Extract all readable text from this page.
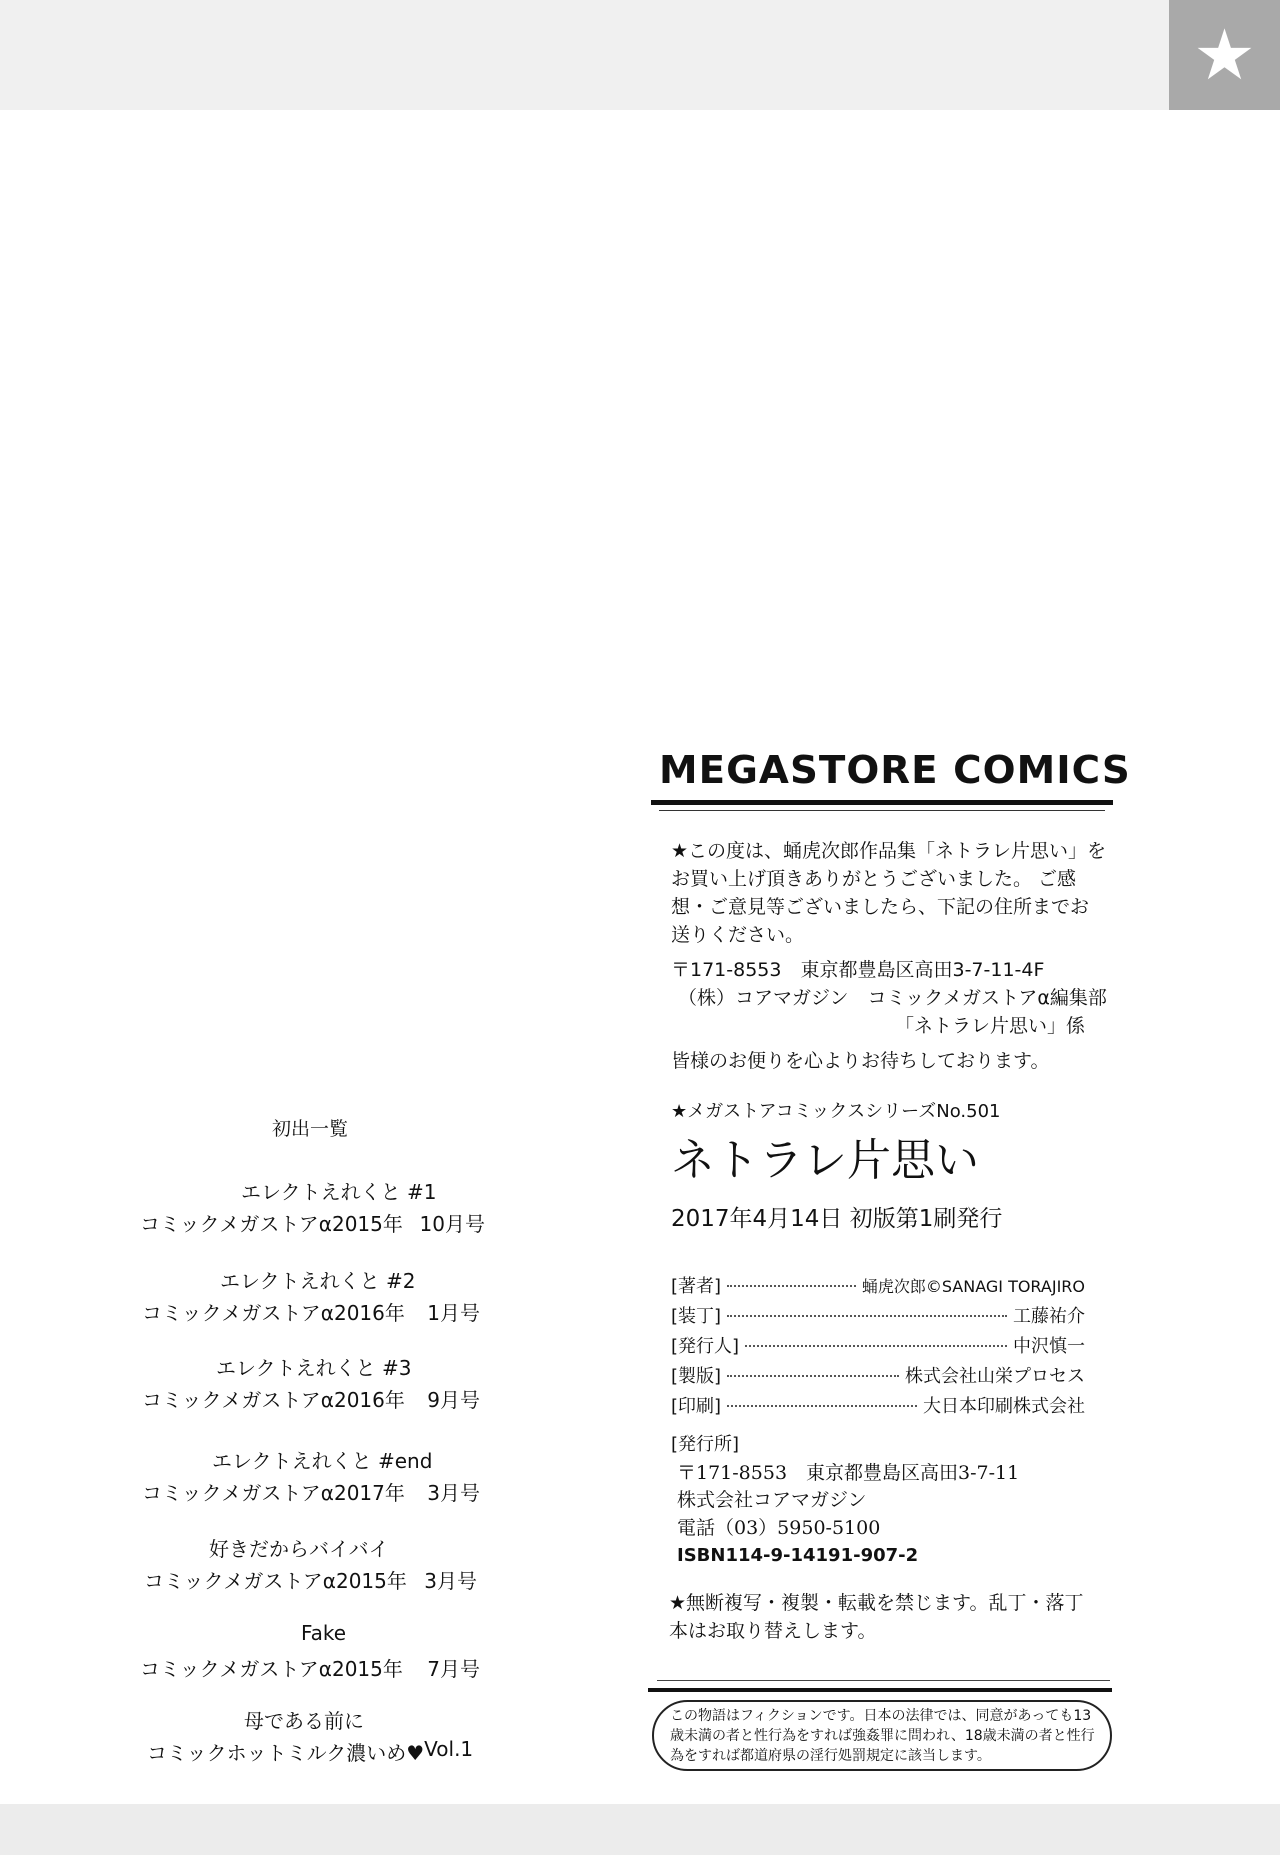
★
MEGASTORE COMICS
★この度は、蛹虎次郎作品集「ネトラレ片思い」を
お買い上げ頂きありがとうございました。 ご感
想・ご意見等ございましたら、下記の住所までお
送りください。
〒171-8553　東京都豊島区高田3-7-11-4F
（株）コアマガジン　コミックメガストアα編集部
「ネトラレ片思い」係
皆様のお便りを心よりお待ちしております。
★メガストアコミックスシリーズNo.501
ネトラレ片思い
2017年4月14日 初版第1刷発行
[著者]	蛹虎次郎©SANAGI TORAJIRO
[装丁]	工藤祐介
[発行人]	中沢慎一
[製版]	株式会社山栄プロセス
[印刷]	大日本印刷株式会社
[発行所]
〒171-8553　東京都豊島区高田3-7-11
株式会社コアマガジン
電話（03）5950-5100
ISBN114-9-14191-907-2
★無断複写・複製・転載を禁じます。乱丁・落丁
本はお取り替えします。
この物語はフィクションです。日本の法律では、同意があっても13歳未満の者と性行為をすれば強姦罪に問われ、18歳未満の者と性行為をすれば都道府県の淫行処罰規定に該当します。
初出一覧
エレクトえれくと #1
コミックメガストアα2015年 10月号
エレクトえれくと #2
コミックメガストアα2016年 1月号
エレクトえれくと #3
コミックメガストアα2016年 9月号
エレクトえれくと #end
コミックメガストアα2017年 3月号
好きだからバイバイ
コミックメガストアα2015年 3月号
Fake
コミックメガストアα2015年 7月号
母である前に
コミックホットミルク濃いめ♥ Vol.1
